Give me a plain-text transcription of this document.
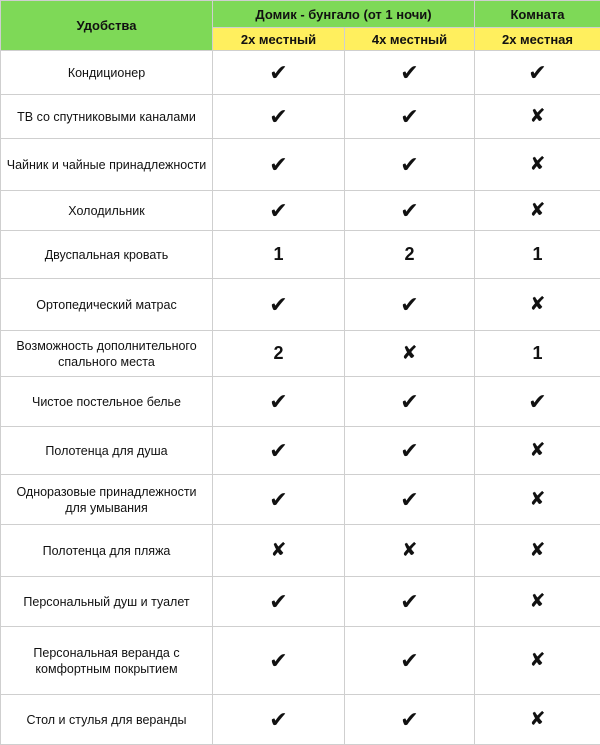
Удобства	Домик - бунгало (от 1 ночи)		Комната
	2х местный	4х местный	2х местная
Кондиционер	✔	✔	✔
ТВ со спутниковыми каналами	✔	✔	✘
Чайник и чайные принадлежности	✔	✔	✘
Холодильник	✔	✔	✘
Двуспальная кровать	1	2	1
Ортопедический матрас	✔	✔	✘
Возможность дополнительного спального места	2	✘	1
Чистое постельное белье	✔	✔	✔
Полотенца для душа	✔	✔	✘
Одноразовые принадлежности для умывания	✔	✔	✘
Полотенца для пляжа	✘	✘	✘
Персональный душ и туалет	✔	✔	✘
Персональная веранда с комфортным покрытием	✔	✔	✘
Стол и стулья для веранды	✔	✔	✘
